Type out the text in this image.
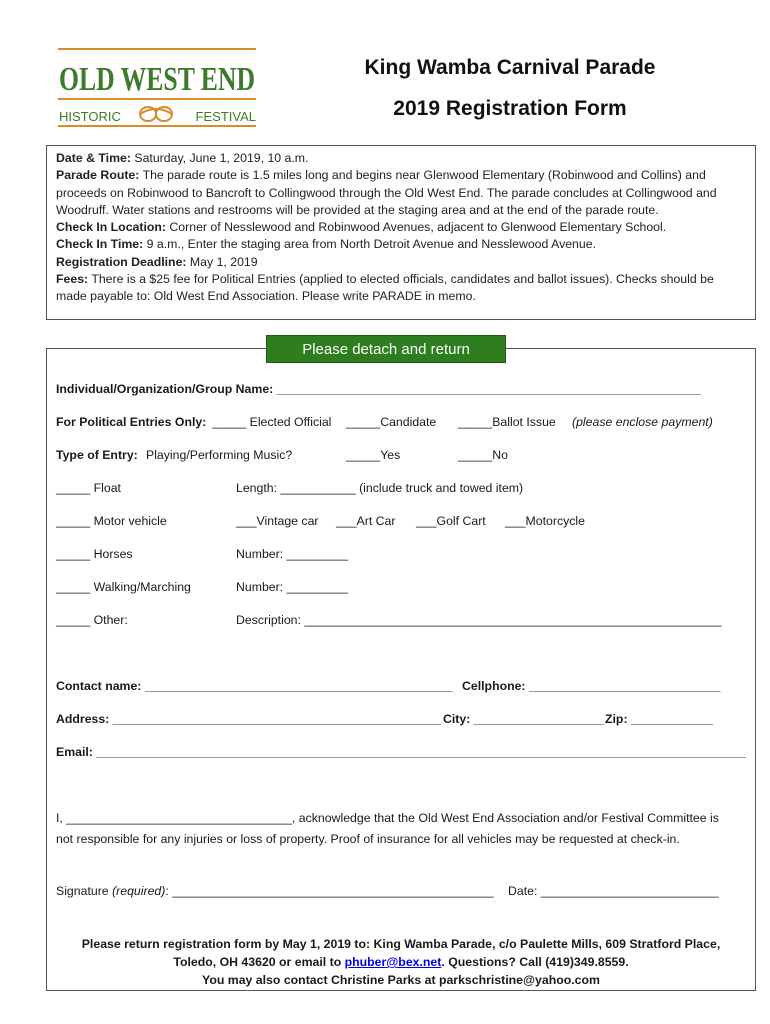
OLD WEST END
HISTORIC	FESTIVAL
King Wamba Carnival Parade
2019 Registration Form

Date & Time: Saturday, June 1, 2019, 10 a.m.

Parade Route: The parade route is 1.5 miles long and begins near Glenwood Elementary (Robinwood and Collins) and proceeds on Robinwood to Bancroft to Collingwood through the Old West End. The parade concludes at Collingwood and Woodruff. Water stations and restrooms will be provided at the staging area and at the end of the parade route.

Check In Location: Corner of Nesslewood and Robinwood Avenues, adjacent to Glenwood Elementary School.

Check In Time: 9 a.m., Enter the staging area from North Detroit Avenue and Nesslewood Avenue.

Registration Deadline: May 1, 2019

Fees: There is a $25 fee for Political Entries (applied to elected officials, candidates and ballot issues). Checks should be made payable to: Old West End Association. Please write PARADE in memo.

Please detach and return
Individual/Organization/Group Name: ______________________________________________________________
For Political Entries Only: _____ Elected Official _____Candidate _____Ballot Issue (please enclose payment)
Type of Entry: Playing/Performing Music?	_____Yes	_____No
_____ Float	Length: ___________ (include truck and towed item)
_____ Motor vehicle	___Vintage car ___Art Car ___Golf Cart ___Motorcycle
_____ Horses	Number: _________
_____ Walking/Marching	Number: _________
_____ Other:	Description: _____________________________________________________________
Contact name: _____________________________________________ Cellphone: ____________________________
Address: ________________________________________________ City: ___________________ Zip: ____________
Email: _______________________________________________________________________________________________
I, _________________________________, acknowledge that the Old West End Association and/or Festival Committee is not responsible for any injuries or loss of property. Proof of insurance for all vehicles may be requested at check-in.
Signature (required): _______________________________________________ Date: __________________________
Please return registration form by May 1, 2019 to: King Wamba Parade, c/o Paulette Mills, 609 Stratford Place,
Toledo, OH 43620 or email to phuber@bex.net. Questions? Call (419)349.8559.
You may also contact Christine Parks at parkschristine@yahoo.com
